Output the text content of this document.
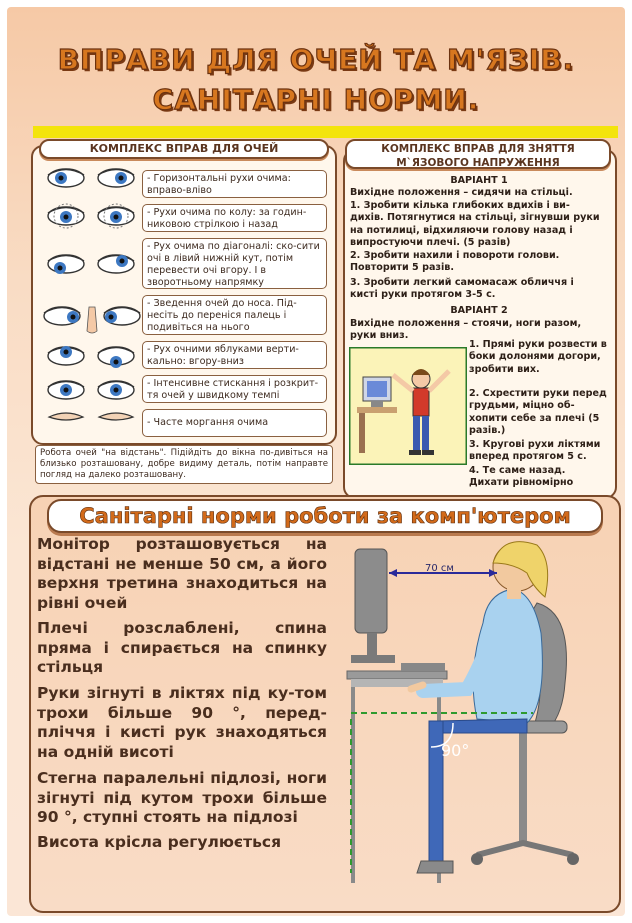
ВПРАВИ ДЛЯ ОЧЕЙ ТА М'ЯЗІВ.
САНІТАРНІ НОРМИ.
КОМПЛЕКС ВПРАВ ДЛЯ ОЧЕЙ
- Горизонтальні рухи очима: вправо-вліво
- Рухи очима по колу: за годин-никовою стрілкою і назад
- Рух очима по діагоналі: ско-сити очі в лівий нижній кут, потім перевести очі вгору. І в зворотньому напрямку
- Зведення очей до носа. Під-несіть до переніся палець і подивіться на нього
- Рух очними яблуками верти-кально: вгору-вниз
- Інтенсивне стискання і розкрит-тя очей у швидкому темпі
- Часте моргання очима
Робота очей "на відстань". Підійдіть до вікна по-дивіться на близько розташовану, добре видиму деталь, потім направте погляд на далеко розташовану.
КОМПЛЕКС ВПРАВ ДЛЯ ЗНЯТТЯ М`ЯЗОВОГО НАПРУЖЕННЯ
ВАРІАНТ 1
Вихідне положення – сидячи на стільці.
1. Зробити кілька глибоких вдихів і ви-дихів. Потягнутися на стільці, зігнувши руки на потилиці, відхиляючи голову назад і випростуючи плечі. (5 разів)
2. Зробити нахили і повороти голови. Повторити 5 разів.
3. Зробити легкий самомасаж обличчя і кисті руки протягом 3-5 с.
ВАРІАНТ 2
Вихідне положення – стоячи, ноги разом, руки вниз.
1. Прямі руки розвести в боки долонями догори, зробити вих.
2. Схрестити руки перед грудьми, міцно об-хопити себе за плечі (5 разів.)
3. Кругові рухи ліктями вперед протягом 5 с.
4. Те саме назад. Дихати рівномірно
Санітарні норми роботи за комп'ютером
Монітор розташовується на відстані не менше 50 см, а його верхня третина знаходиться на рівні очей
Плечі розслаблені, спина пряма і спирається на спинку стільця
Руки зігнуті в ліктях під ку-том трохи більше 90 °, перед-пліччя і кисті рук знаходяться на одній висоті
Стегна паралельні підлозі, ноги зігнуті під кутом трохи більше 90 °, ступні стоять на підлозі
Висота крісла регулюється
70 см
90°
